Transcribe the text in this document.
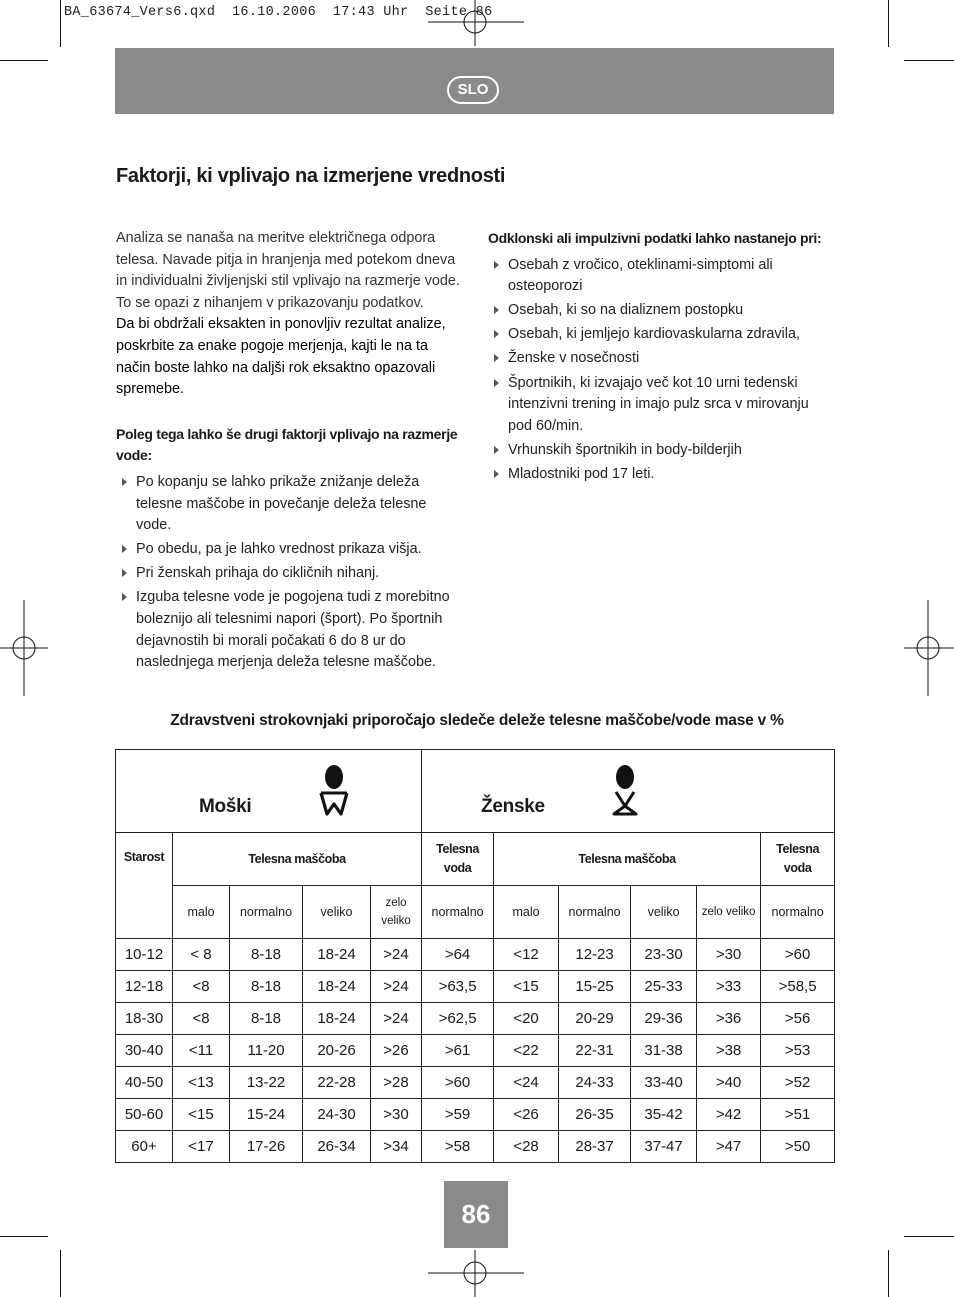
BA_63674_Vers6.qxd  16.10.2006  17:43 Uhr  Seite 86
SLO
Faktorji, ki vplivajo na izmerjene vrednosti

Analiza se nanaša na meritve električnega odpora telesa. Navade pitja in hranjenja med potekom dneva in individualni življenjski stil vplivajo na razmerje vode. To se opazi z nihanjem v prikazovanju podatkov.

Da bi obdržali eksakten in ponovljiv rezultat analize, poskrbite za enake pogoje merjenja, kajti le na ta način boste lahko na daljši rok eksaktno opazovali spremebe.

Poleg tega lahko še drugi faktorji vplivajo na razmerje vode:
Po kopanju se lahko prikaže znižanje deleža telesne maščobe in povečanje deleža telesne vode.
Po obedu, pa je lahko vrednost prikaza višja.
Pri ženskah prihaja do cikličnih nihanj.
Izguba telesne vode je pogojena tudi z morebitno boleznijo ali telesnimi napori (šport). Po športnih dejavnostih bi morali počakati 6 do 8 ur do naslednjega merjenja deleža telesne maščobe.
Odklonski ali impulzivni podatki lahko nastanejo pri:
Osebah z vročico, oteklinami-simptomi ali osteoporozi
Osebah, ki so na dializnem postopku
Osebah, ki jemljejo kardiovaskularna zdravila,
Ženske v nosečnosti
Športnikih, ki izvajajo več kot 10 urni tedenski intenzivni trening in imajo pulz srca v mirovanju pod 60/min.
Vrhunskih športnikih in body-bilderjih
Mladostniki pod 17 leti.
Zdravstveni strokovnjaki priporočajo sledeče deleže telesne maščobe/vode mase v %
Moški					Ženske					

Starost	Telesna maščoba				Telesna voda	Telesna maščoba				Telesna voda
	malo	normalno	veliko	zelo veliko	normalno	malo	normalno	veliko	zelo veliko	normalno
10-12	< 8	8-18	18-24	>24	>64	<12	12-23	23-30	>30	>60
12-18	<8	8-18	18-24	>24	>63,5	<15	15-25	25-33	>33	>58,5
18-30	<8	8-18	18-24	>24	>62,5	<20	20-29	29-36	>36	>56
30-40	<11	11-20	20-26	>26	>61	<22	22-31	31-38	>38	>53
40-50	<13	13-22	22-28	>28	>60	<24	24-33	33-40	>40	>52
50-60	<15	15-24	24-30	>30	>59	<26	26-35	35-42	>42	>51
60+	<17	17-26	26-34	>34	>58	<28	28-37	37-47	>47	>50
86
